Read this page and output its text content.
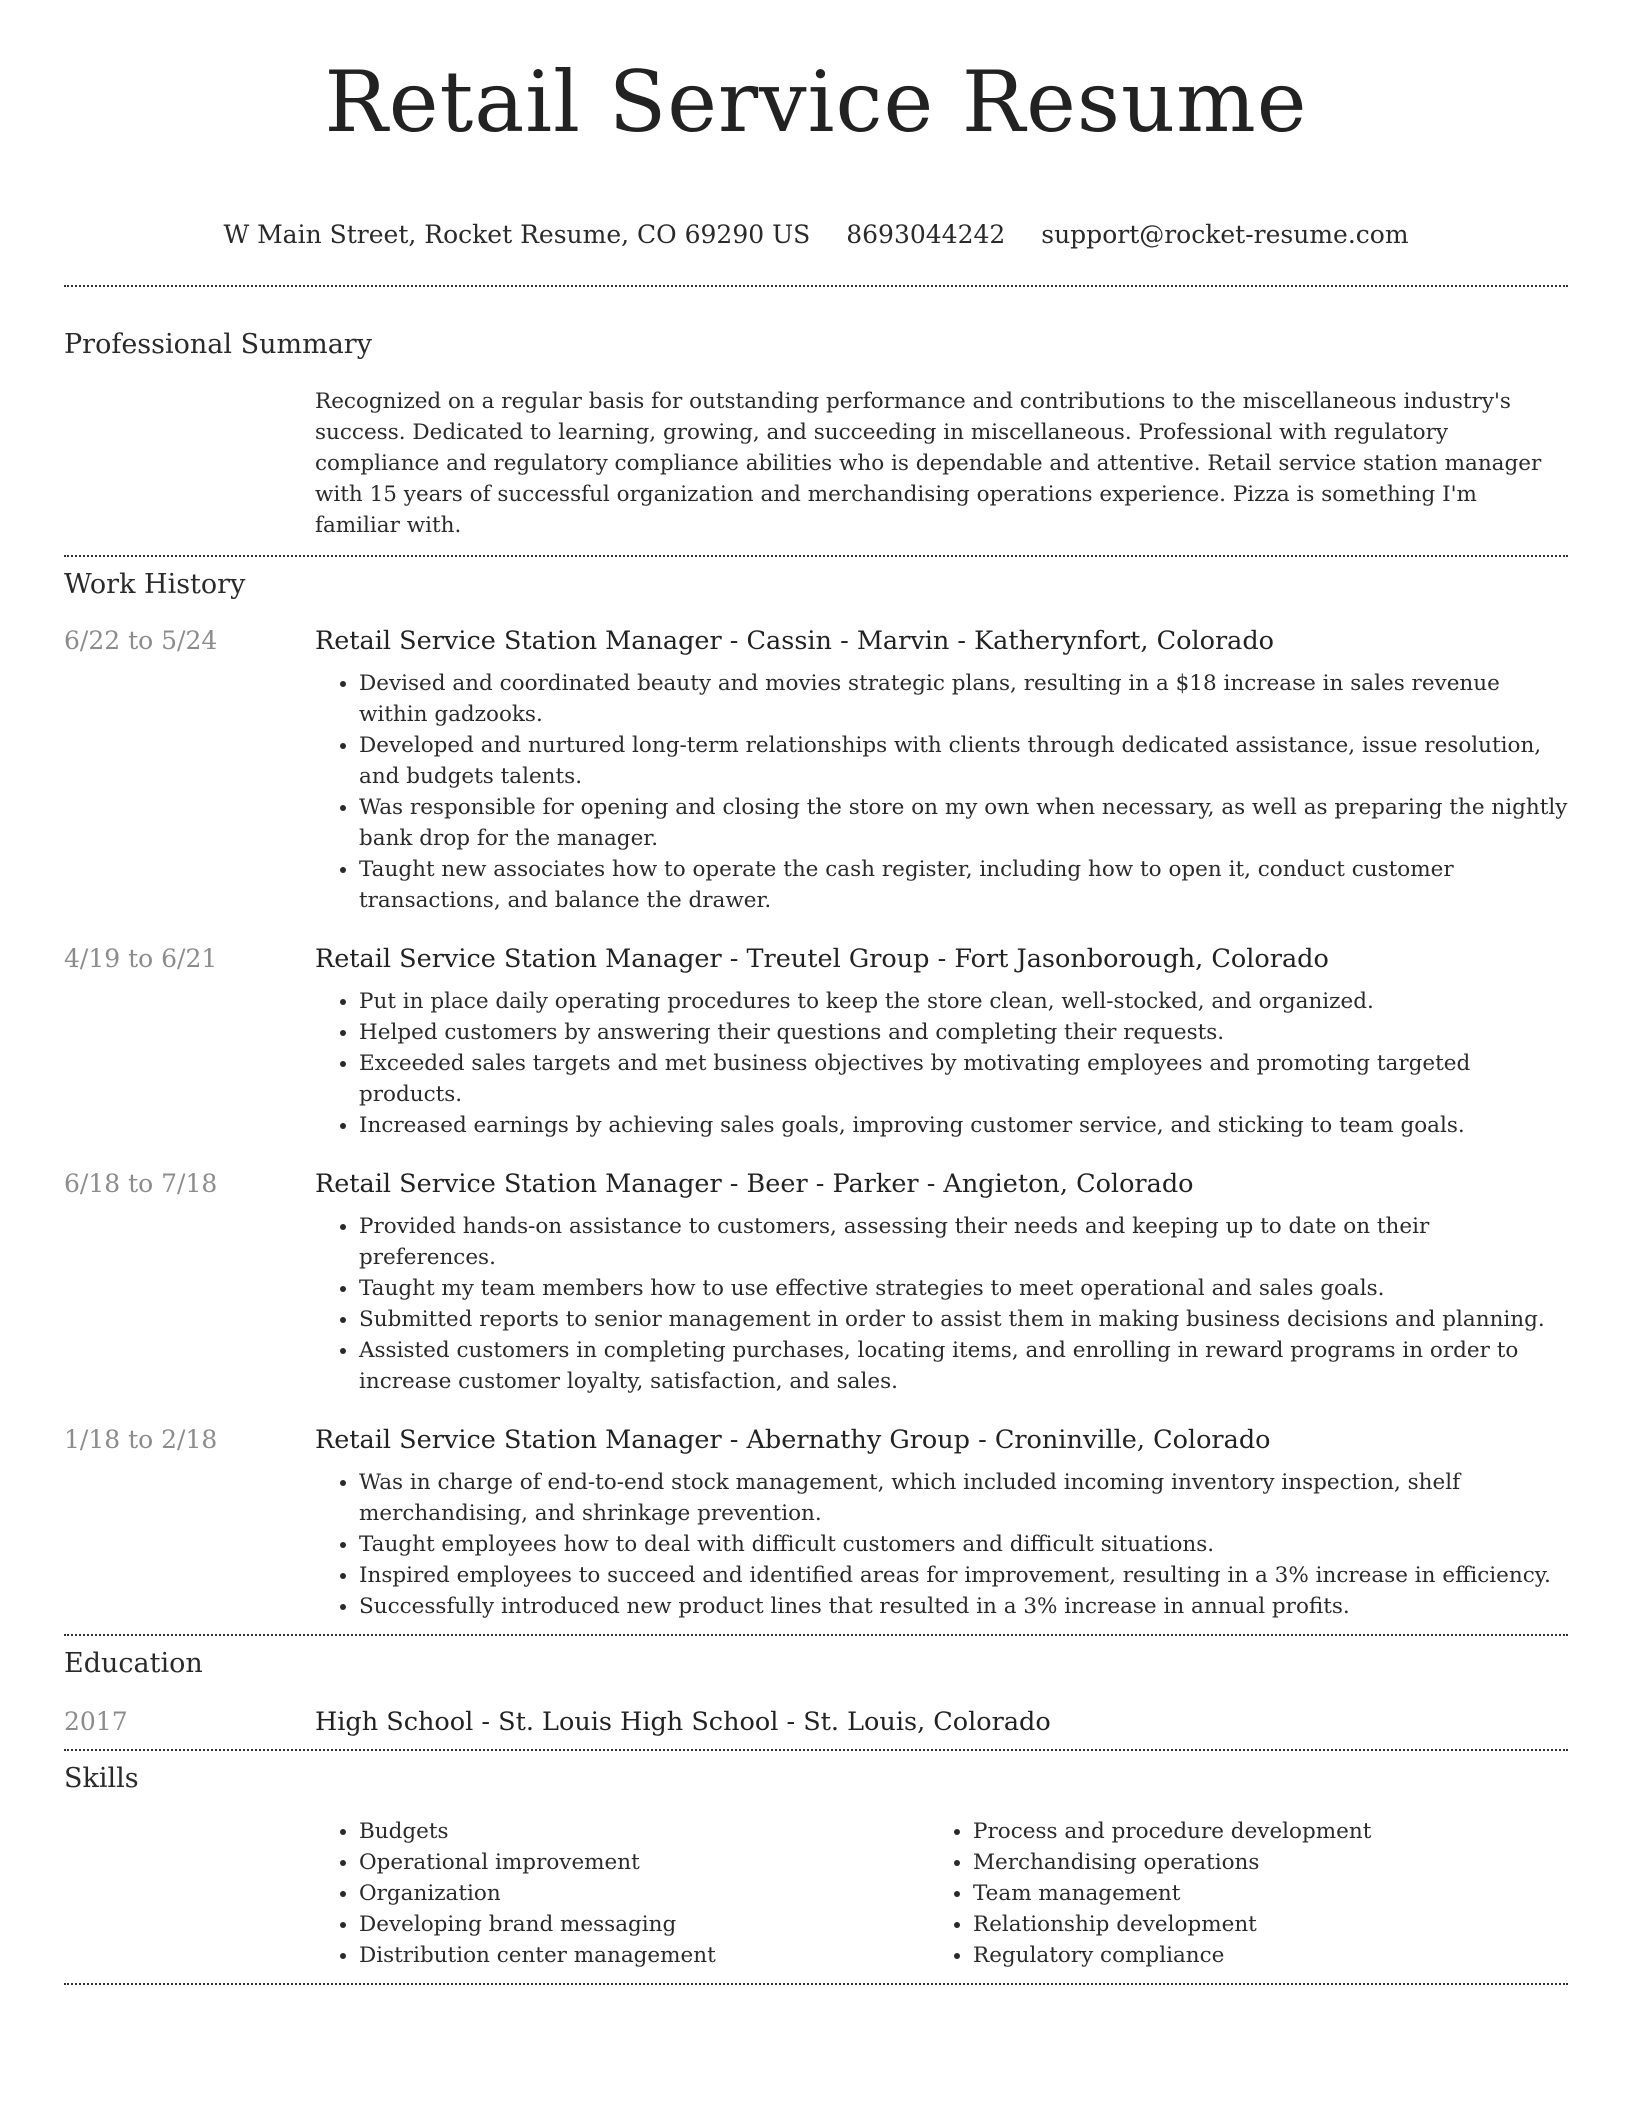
Retail Service Resume
W Main Street, Rocket Resume, CO 69290 US 8693044242 support@rocket-resume.com
Professional Summary
Recognized on a regular basis for outstanding performance and contributions to the miscellaneous industry's success. Dedicated to learning, growing, and succeeding in miscellaneous. Professional with regulatory compliance and regulatory compliance abilities who is dependable and attentive. Retail service station manager with 15 years of successful organization and merchandising operations experience. Pizza is something I'm familiar with.
Work History
6/22 to 5/24	Retail Service Station Manager - Cassin - Marvin - Katherynfort, Colorado
• Devised and coordinated beauty and movies strategic plans, resulting in a $18 increase in sales revenue within gadzooks.
• Developed and nurtured long-term relationships with clients through dedicated assistance, issue resolution, and budgets talents.
• Was responsible for opening and closing the store on my own when necessary, as well as preparing the nightly bank drop for the manager.
• Taught new associates how to operate the cash register, including how to open it, conduct customer transactions, and balance the drawer.
4/19 to 6/21	Retail Service Station Manager - Treutel Group - Fort Jasonborough, Colorado
• Put in place daily operating procedures to keep the store clean, well-stocked, and organized.
• Helped customers by answering their questions and completing their requests.
• Exceeded sales targets and met business objectives by motivating employees and promoting targeted products.
• Increased earnings by achieving sales goals, improving customer service, and sticking to team goals.
6/18 to 7/18	Retail Service Station Manager - Beer - Parker - Angieton, Colorado
• Provided hands-on assistance to customers, assessing their needs and keeping up to date on their preferences.
• Taught my team members how to use effective strategies to meet operational and sales goals.
• Submitted reports to senior management in order to assist them in making business decisions and planning.
• Assisted customers in completing purchases, locating items, and enrolling in reward programs in order to increase customer loyalty, satisfaction, and sales.
1/18 to 2/18	Retail Service Station Manager - Abernathy Group - Croninville, Colorado
• Was in charge of end-to-end stock management, which included incoming inventory inspection, shelf merchandising, and shrinkage prevention.
• Taught employees how to deal with difficult customers and difficult situations.
• Inspired employees to succeed and identified areas for improvement, resulting in a 3% increase in efficiency.
• Successfully introduced new product lines that resulted in a 3% increase in annual profits.
Education
2017	High School - St. Louis High School - St. Louis, Colorado
Skills
• Budgets
• Operational improvement
• Organization
• Developing brand messaging
• Distribution center management
• Process and procedure development
• Merchandising operations
• Team management
• Relationship development
• Regulatory compliance
